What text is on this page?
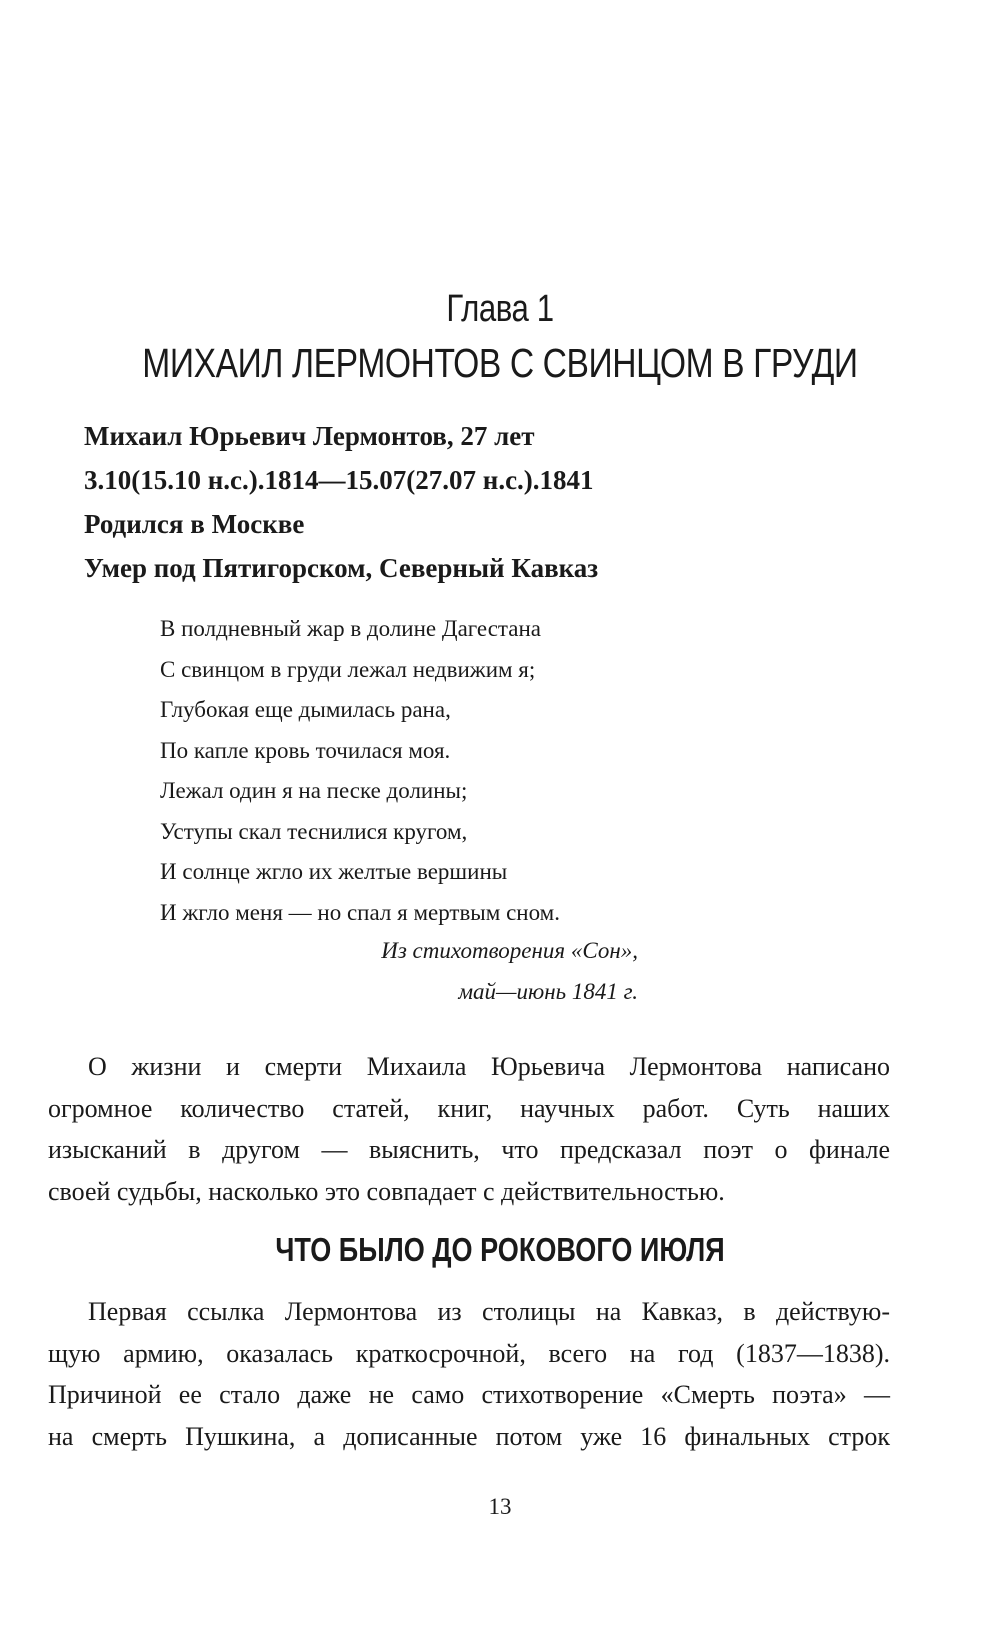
Глава 1
МИХАИЛ ЛЕРМОНТОВ С СВИНЦОМ В ГРУДИ
Михаил Юрьевич Лермонтов, 27 лет
3.10(15.10 н.с.).1814—15.07(27.07 н.с.).1841
Родился в Москве
Умер под Пятигорском, Северный Кавказ
В полдневный жар в долине Дагестана
С свинцом в груди лежал недвижим я;
Глубокая еще дымилась рана,
По капле кровь точилася моя.
Лежал один я на песке долины;
Уступы скал теснилися кругом,
И солнце жгло их желтые вершины
И жгло меня — но спал я мертвым сном.
Из стихотворения «Сон»,
май—июнь 1841 г.
О жизни и смерти Михаила Юрьевича Лермонтова написано
огромное количество статей, книг, научных работ. Суть наших
изысканий в другом — выяснить, что предсказал поэт о финале
своей судьбы, насколько это совпадает с действительностью.
ЧТО БЫЛО ДО РОКОВОГО ИЮЛЯ
Первая ссылка Лермонтова из столицы на Кавказ, в действую-
щую армию, оказалась краткосрочной, всего на год (1837—1838).
Причиной ее стало даже не само стихотворение «Смерть поэта» —
на смерть Пушкина, а дописанные потом уже 16 финальных строк
13
